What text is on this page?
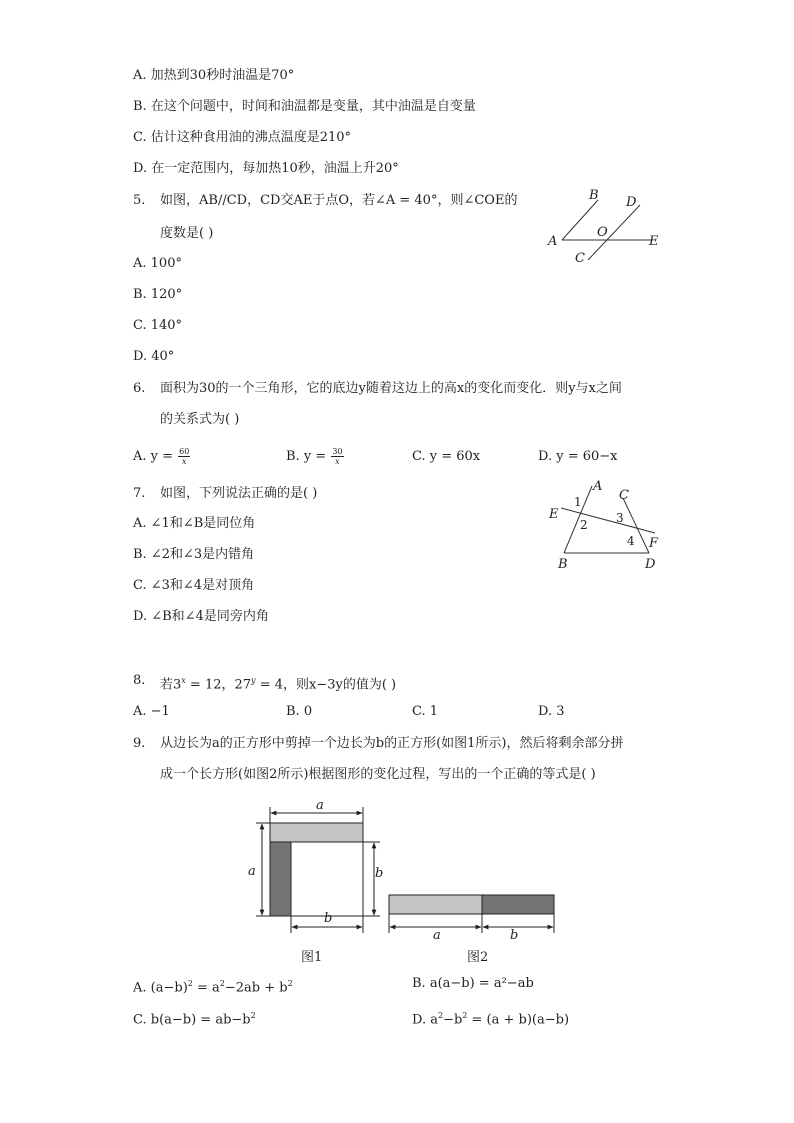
A. 加热到30秒时油温是70°
B. 在这个问题中，时间和油温都是变量，其中油温是自变量
C. 估计这种食用油的沸点温度是210°
D. 在一定范围内，每加热10秒，油温上升20°
5. 如图，AB//CD，CD交AE于点O，若∠A = 40°，则∠COE的
度数是( )
A. 100°
B. 120°
C. 140°
D. 40°
B D
A
O
E
C
6. 面积为30的一个三角形，它的底边y随着这边上的高x的变化而变化．则y与x之间
的关系式为( )
A. $y = \frac{60}{x}$	B. $y = \frac{30}{x}$	C. y = 60x	D. y = 60−x
7. 如图，下列说法正确的是( )
A. ∠1和∠B是同位角
B. ∠2和∠3是内错角
C. ∠3和∠4是对顶角
D. ∠B和∠4是同旁内角
A
C
E
1
2 3
4 F
B	D
8. 若$3^x = 12$，$27^y = 4$，则x−3y的值为( )
A. −1	B. 0	C. 1	D. 3
9. 从边长为a的正方形中剪掉一个边长为b的正方形(如图1所示)，然后将剩余部分拼
成一个长方形(如图2所示)根据图形的变化过程，写出的一个正确的等式是( )
a
a	b
b
图1
a	b
图2
A. $(a-b)^2 = a^2-2ab + b^2$	B. a(a−b) = a²−ab
C. $b(a-b) = ab-b^2$	D. $a^2-b^2 = (a + b)(a-b)$
